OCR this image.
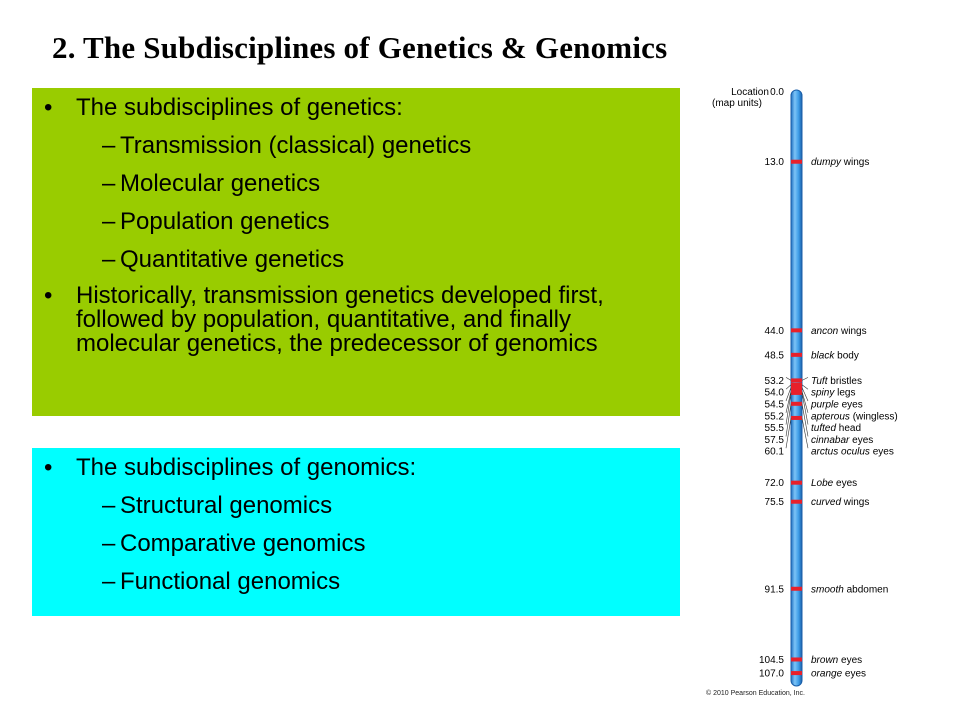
2. The Subdisciplines of Genetics & Genomics
• The subdisciplines of genetics:
– Transmission (classical) genetics
– Molecular genetics
– Population genetics
– Quantitative genetics
• Historically, transmission genetics developed first, followed by population, quantitative, and finally molecular genetics, the predecessor of genomics
• The subdisciplines of genomics:
– Structural genomics
– Comparative genomics
– Functional genomics
Location
(map units)
0.0
13.0	dumpy wings
44.0	ancon wings
48.5	black body
53.2	Tuft bristles
54.0	spiny legs
54.5	purple eyes
55.2	apterous (wingless)
55.5	tufted head
57.5	cinnabar eyes
60.1	arctus oculus eyes
72.0	Lobe eyes
75.5	curved wings
91.5	smooth abdomen
104.5	brown eyes
107.0	orange eyes
© 2010 Pearson Education, Inc.
